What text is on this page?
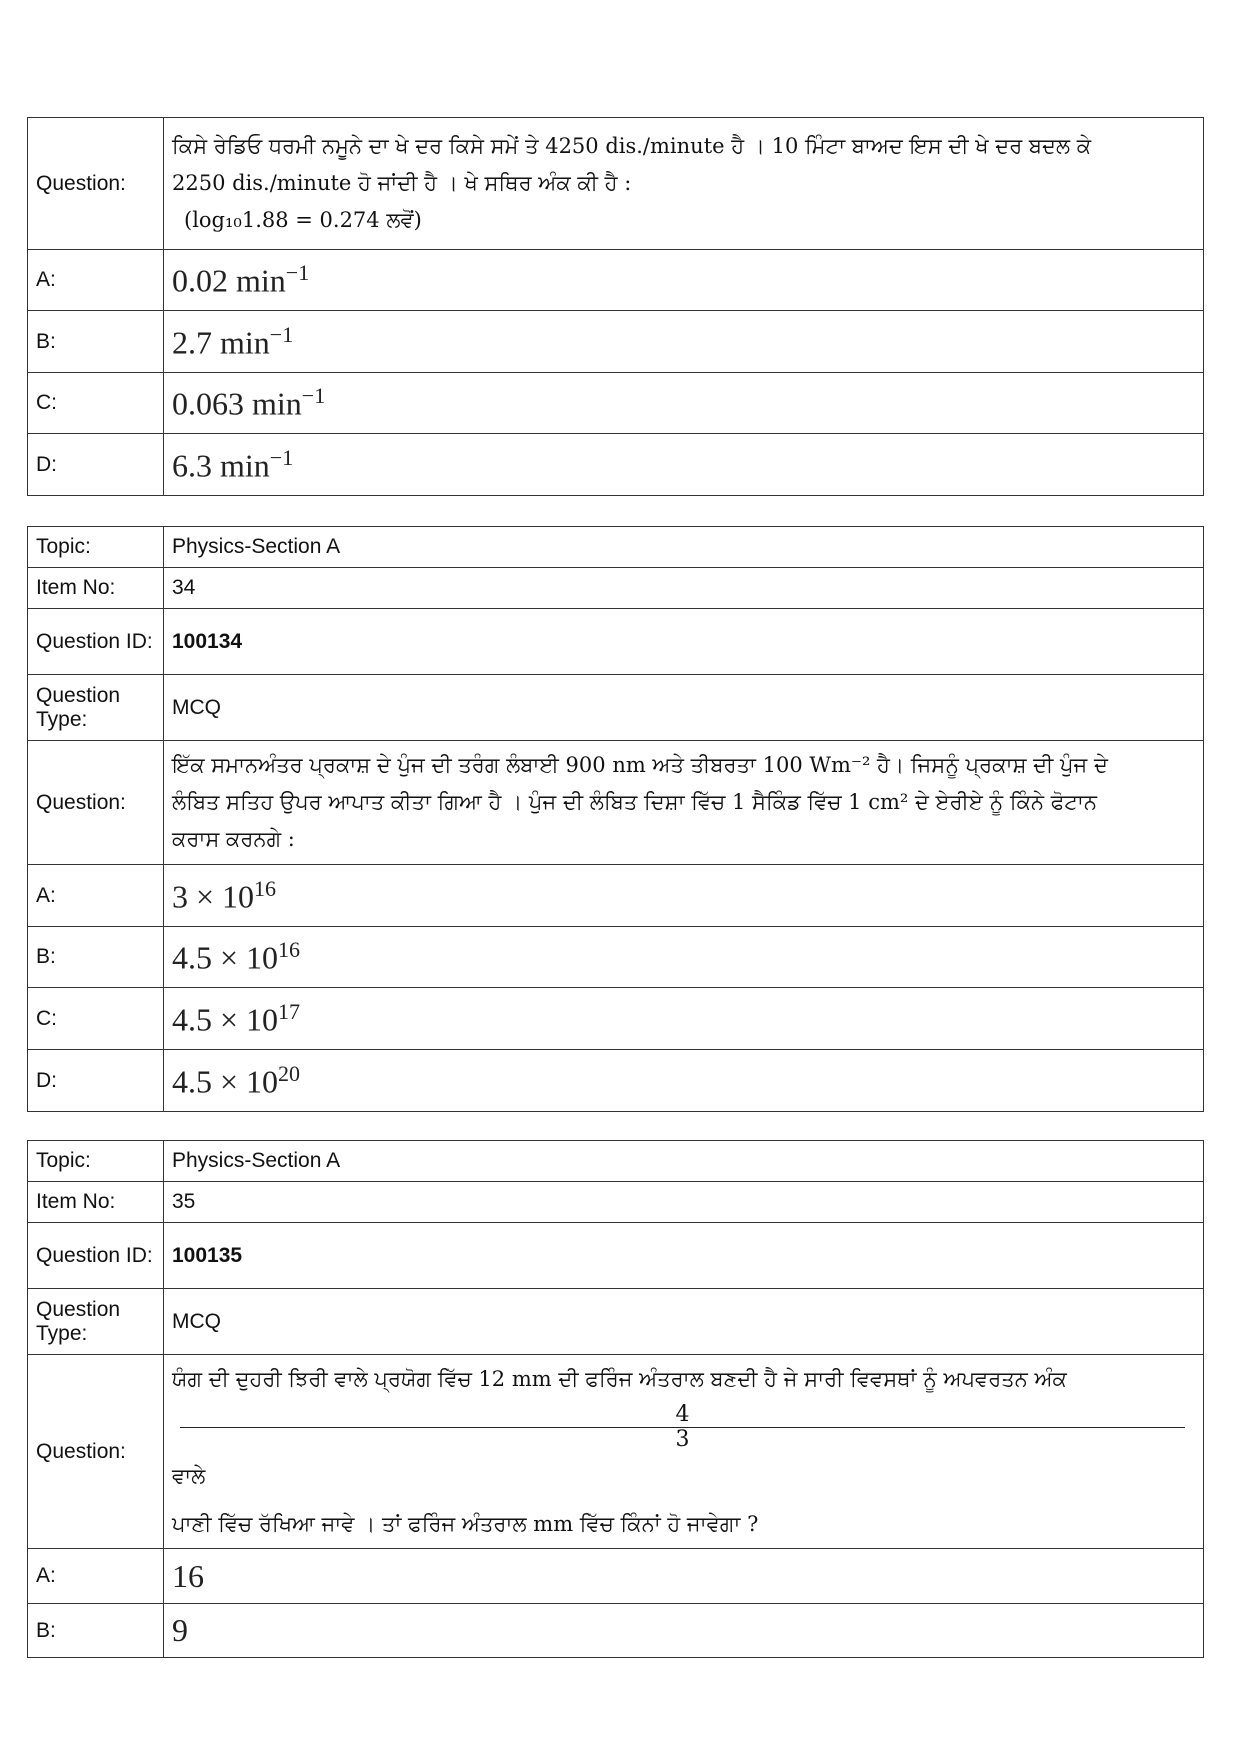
Question:	ਕਿਸੇ ਰੇਡਿਓ ਧਰਮੀ ਨਮੂਨੇ ਦਾ ਖੇ ਦਰ ਕਿਸੇ ਸਮੇਂ ਤੇ 4250 dis./minute ਹੈ । 10 ਮਿੰਟਾ ਬਾਅਦ ਇਸ ਦੀ ਖੇ ਦਰ ਬਦਲ ਕੇ
2250 dis./minute ਹੋ ਜਾਂਦੀ ਹੈ । ਖੇ ਸਥਿਰ ਅੰਕ ਕੀ ਹੈ :
(log₁₀1.88 = 0.274 ਲਵੋਂ)

A:	0.02 $\min^{-1}$
B:	2.7 $\min^{-1}$
C:	0.063 $\min^{-1}$
D:	6.3 $\min^{-1}$
Topic:	Physics-Section A
Item No:	34
Question ID:	100134
Question Type:	MCQ
Question:	ਇੱਕ ਸਮਾਨਅੰਤਰ ਪ੍ਰਕਾਸ਼ ਦੇ ਪੁੰਜ ਦੀ ਤਰੰਗ ਲੰਬਾਈ 900 nm ਅਤੇ ਤੀਬਰਤਾ 100 Wm⁻² ਹੈ। ਜਿਸਨੂੰ ਪ੍ਰਕਾਸ਼ ਦੀ ਪੁੰਜ ਦੇ
ਲੰਬਿਤ ਸਤਿਹ ਉਪਰ ਆਪਾਤ ਕੀਤਾ ਗਿਆ ਹੈ । ਪੁੰਜ ਦੀ ਲੰਬਿਤ ਦਿਸ਼ਾ ਵਿੱਚ 1 ਸੈਕਿੰਡ ਵਿੱਚ 1 cm² ਦੇ ਏਰੀਏ ਨੂੰ ਕਿੰਨੇ ਫੋਟਾਨ
ਕਰਾਸ ਕਰਨਗੇ :

A:	$3 \times 10^{16}$
B:	$4.5 \times 10^{16}$
C:	$4.5 \times 10^{17}$
D:	$4.5 \times 10^{20}$
Topic:	Physics-Section A
Item No:	35
Question ID:	100135
Question Type:	MCQ
Question:	ਯੰਗ ਦੀ ਦੁਹਰੀ ਝਿਰੀ ਵਾਲੇ ਪ੍ਰਯੋਗ ਵਿੱਚ 12 mm ਦੀ ਫਰਿੰਜ ਅੰਤਰਾਲ ਬਣਦੀ ਹੈ ਜੇ ਸਾਰੀ ਵਿਵਸਥਾਂ ਨੂੰ ਅਪਵਰਤਨ ਅੰਕ
4
3
ਵਾਲੇ
ਪਾਣੀ ਵਿੱਚ ਰੱਖਿਆ ਜਾਵੇ । ਤਾਂ ਫਰਿੰਜ ਅੰਤਰਾਲ mm ਵਿੱਚ ਕਿੰਨਾਂ ਹੋ ਜਾਵੇਗਾ ?

A:	16
B:	9
